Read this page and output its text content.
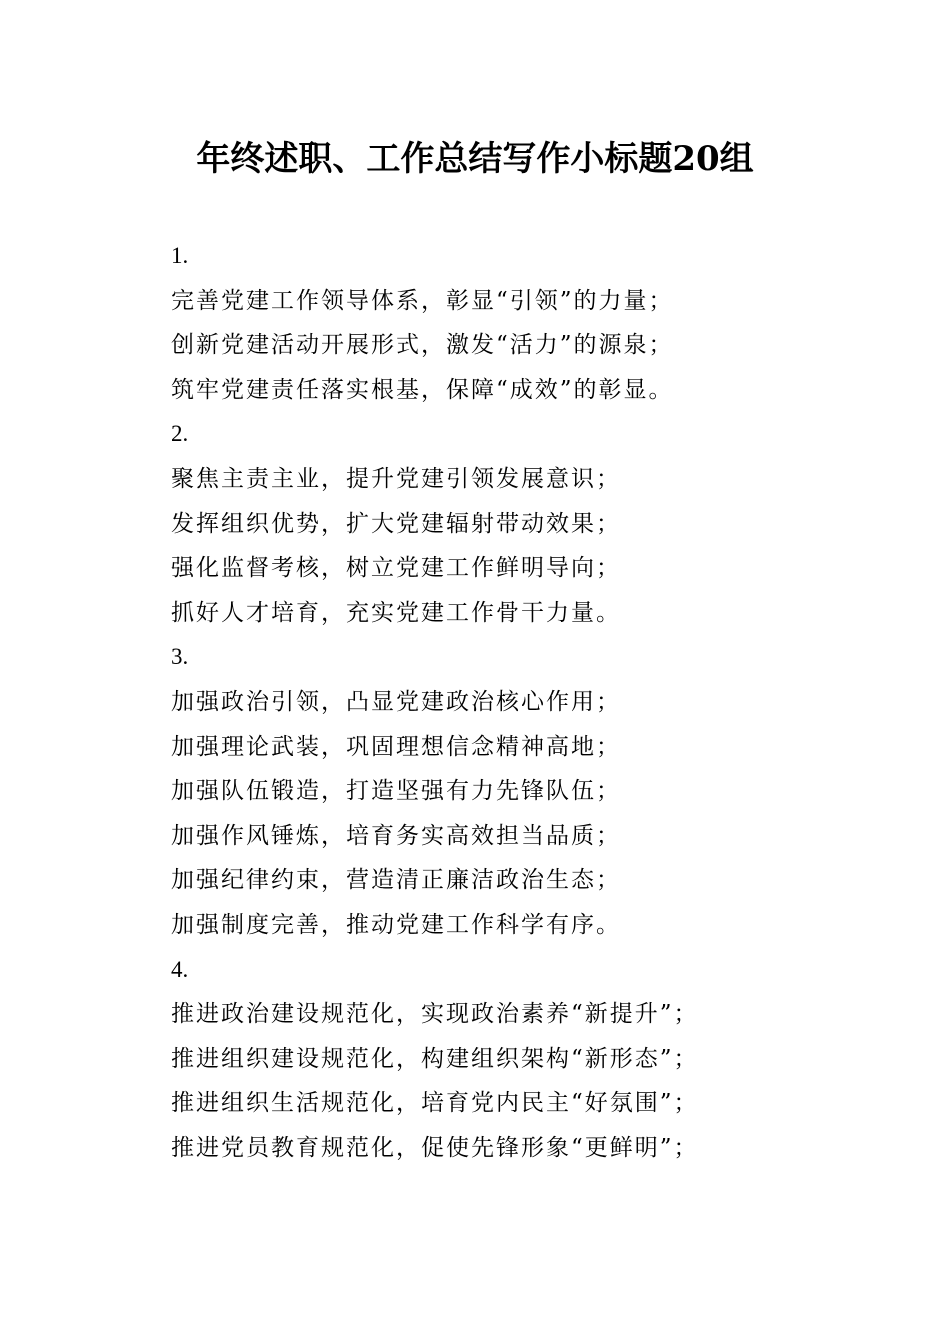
年终述职、工作总结写作小标题20组
1.
完善党建工作领导体系，彰显“引领”的力量；
创新党建活动开展形式，激发“活力”的源泉；
筑牢党建责任落实根基，保障“成效”的彰显。
2.
聚焦主责主业，提升党建引领发展意识；
发挥组织优势，扩大党建辐射带动效果；
强化监督考核，树立党建工作鲜明导向；
抓好人才培育，充实党建工作骨干力量。
3.
加强政治引领，凸显党建政治核心作用；
加强理论武装，巩固理想信念精神高地；
加强队伍锻造，打造坚强有力先锋队伍；
加强作风锤炼，培育务实高效担当品质；
加强纪律约束，营造清正廉洁政治生态；
加强制度完善，推动党建工作科学有序。
4.
推进政治建设规范化，实现政治素养“新提升”；
推进组织建设规范化，构建组织架构“新形态”；
推进组织生活规范化，培育党内民主“好氛围”；
推进党员教育规范化，促使先锋形象“更鲜明”；
